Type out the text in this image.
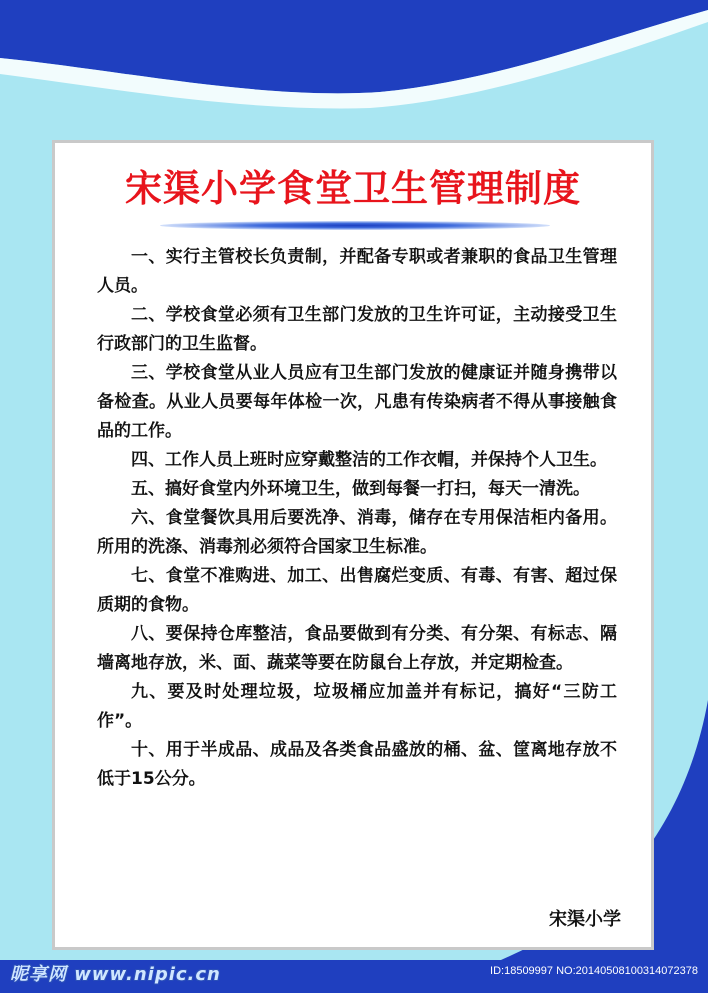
宋渠小学食堂卫生管理制度
一、实行主管校长负责制，并配备专职或者兼职的食品卫生管理人员。
二、学校食堂必须有卫生部门发放的卫生许可证，主动接受卫生行政部门的卫生监督。
三、学校食堂从业人员应有卫生部门发放的健康证并随身携带以备检查。从业人员要每年体检一次，凡患有传染病者不得从事接触食品的工作。
四、工作人员上班时应穿戴整洁的工作衣帽，并保持个人卫生。
五、搞好食堂内外环境卫生，做到每餐一打扫，每天一清洗。
六、食堂餐饮具用后要洗净、消毒，储存在专用保洁柜内备用。所用的洗涤、消毒剂必须符合国家卫生标准。
七、食堂不准购进、加工、出售腐烂变质、有毒、有害、超过保质期的食物。
八、要保持仓库整洁，食品要做到有分类、有分架、有标志、隔墙离地存放，米、面、蔬菜等要在防鼠台上存放，并定期检查。
九、要及时处理垃圾，垃圾桶应加盖并有标记，搞好“三防工作”。
十、用于半成品、成品及各类食品盛放的桶、盆、筐离地存放不低于15公分。
宋渠小学
昵享网 www.nipic.cn	ID:18509997 NO:20140508100314072378
